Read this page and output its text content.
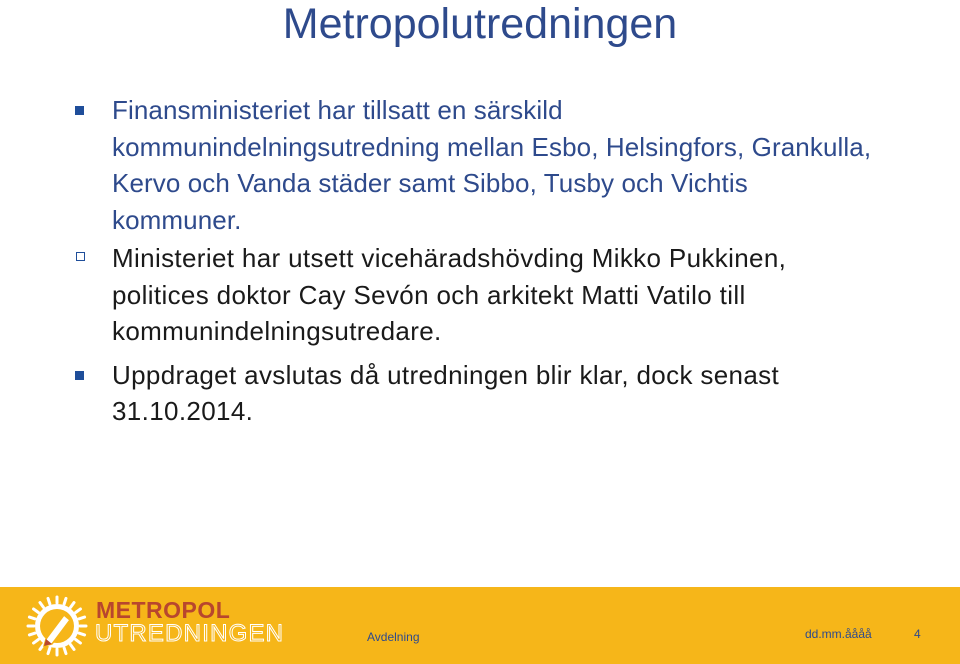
Metropolutredningen
Finansministeriet har tillsatt en särskild kommunindelningsutredning mellan Esbo, Helsingfors, Grankulla, Kervo och Vanda städer samt Sibbo, Tusby och Vichtis kommuner.
Ministeriet har utsett vicehäradshövding Mikko Pukkinen, politices doktor Cay Sevón och arkitekt Matti Vatilo till kommunindelningsutredare.
Uppdraget avslutas då utredningen blir klar, dock senast 31.10.2014.
METROPOL
UTREDNINGEN	Avdelning	dd.mm.åååå	4
